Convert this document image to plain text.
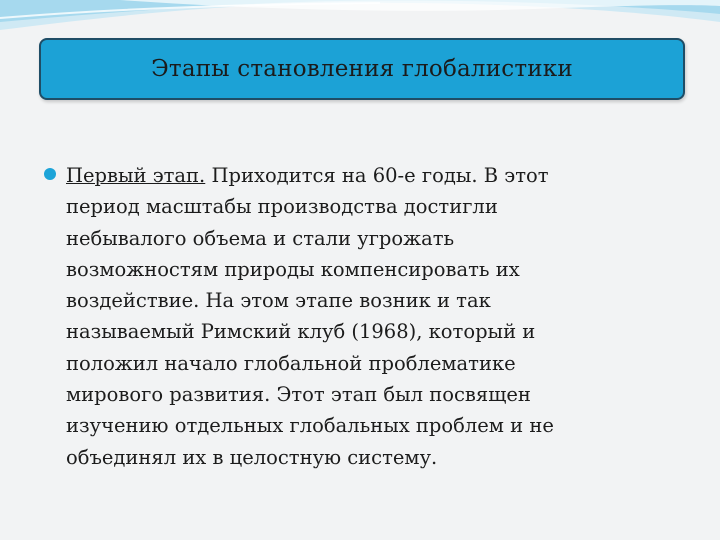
Этапы становления глобалистики

Первый этап. Приходится на 60-е годы. В этот
период масштабы производства достигли
небывалого объема и стали угрожать
возможностям природы компенсировать их
воздействие. На этом этапе возник и так
называемый Римский клуб (1968), который и
положил начало глобальной проблематике
мирового развития. Этот этап был посвящен
изучению отдельных глобальных проблем и не
объединял их в целостную систему.
